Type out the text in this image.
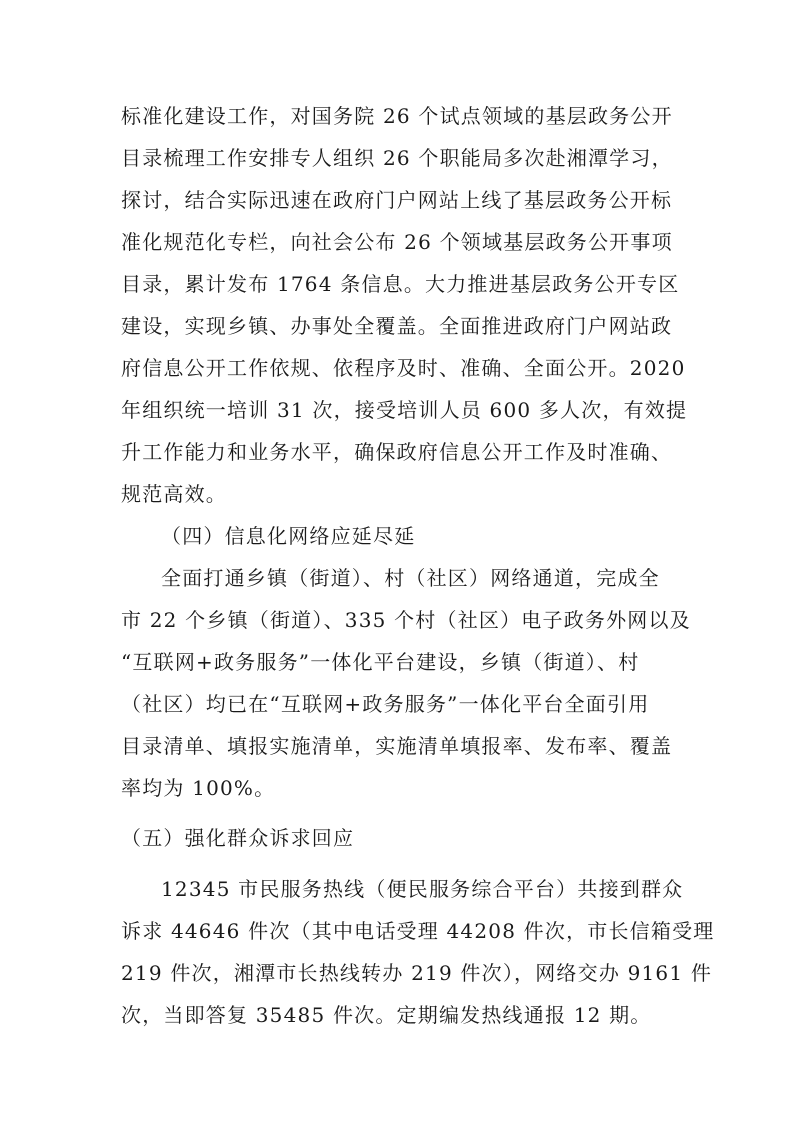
标准化建设工作，对国务院 26 个试点领域的基层政务公开
目录梳理工作安排专人组织 26 个职能局多次赴湘潭学习，
探讨，结合实际迅速在政府门户网站上线了基层政务公开标
准化规范化专栏，向社会公布 26 个领域基层政务公开事项
目录，累计发布 1764 条信息。大力推进基层政务公开专区
建设，实现乡镇、办事处全覆盖。全面推进政府门户网站政
府信息公开工作依规、依程序及时、准确、全面公开。2020
年组织统一培训 31 次，接受培训人员 600 多人次，有效提
升工作能力和业务水平，确保政府信息公开工作及时准确、
规范高效。
（四）信息化网络应延尽延
全面打通乡镇（街道）、村（社区）网络通道，完成全
市 22 个乡镇（街道）、335 个村（社区）电子政务外网以及
“互联网+政务服务”一体化平台建设，乡镇（街道）、村
（社区）均已在“互联网+政务服务”一体化平台全面引用
目录清单、填报实施清单，实施清单填报率、发布率、覆盖
率均为 100%。
（五）强化群众诉求回应
12345 市民服务热线（便民服务综合平台）共接到群众
诉求 44646 件次（其中电话受理 44208 件次，市长信箱受理
219 件次，湘潭市长热线转办 219 件次），网络交办 9161 件
次，当即答复 35485 件次。定期编发热线通报 12 期。
